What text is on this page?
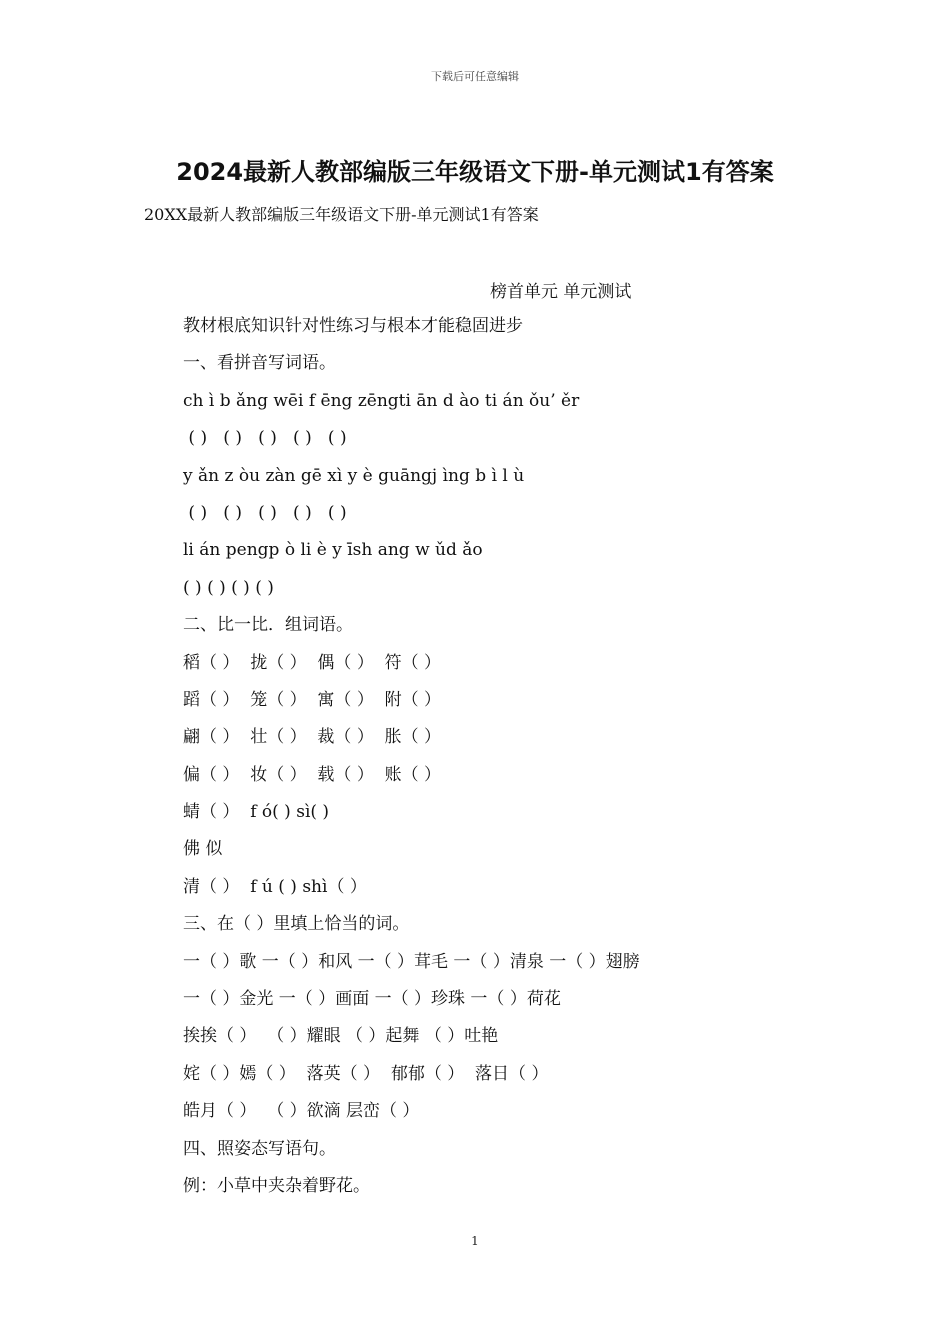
下载后可任意编辑
2024最新人教部编版三年级语文下册-单元测试1有答案
20XX最新人教部编版三年级语文下册-单元测试1有答案
榜首单元 单元测试
教材根底知识针对性练习与根本才能稳固进步
一、看拼音写词语。
ch ì b ǎng wēi f ēng zēngti ān d ào ti án ǒu’ ěr
( )   ( )   ( )   ( )   ( )
y ǎn z òu zàn gē xì y è guāngj ìng b ì l ù
( )   ( )   ( )   ( )   ( )
li án pengp ò li è y īsh ang w ǔd ǎo
( ) ( ) ( ) ( )
二、比一比．组词语。
稻（ ）  拢（ ）  偶（ ）  符（ ）
蹈（ ）  笼（ ）  寓（ ）  附（ ）
翩（ ）  壮（ ）  裁（ ）  胀（ ）
偏（ ）  妆（ ）  载（ ）  账（ ）
蜻（ ）  f ó( ) sì( )
佛 似
清（ ）  f ú ( ) shì（ ）
三、在（ ）里填上恰当的词。
一（ ）歌 一（ ）和风 一（ ）茸毛 一（ ）清泉 一（ ）翅膀
一（ ）金光 一（ ）画面 一（ ）珍珠 一（ ）荷花
挨挨（ ）  （ ）耀眼 （ ）起舞 （ ）吐艳
姹（ ）嫣（ ）  落英（ ）  郁郁（ ）  落日（ ）
皓月（ ）  （ ）欲滴 层峦（ ）
四、照姿态写语句。
例：小草中夹杂着野花。
1
